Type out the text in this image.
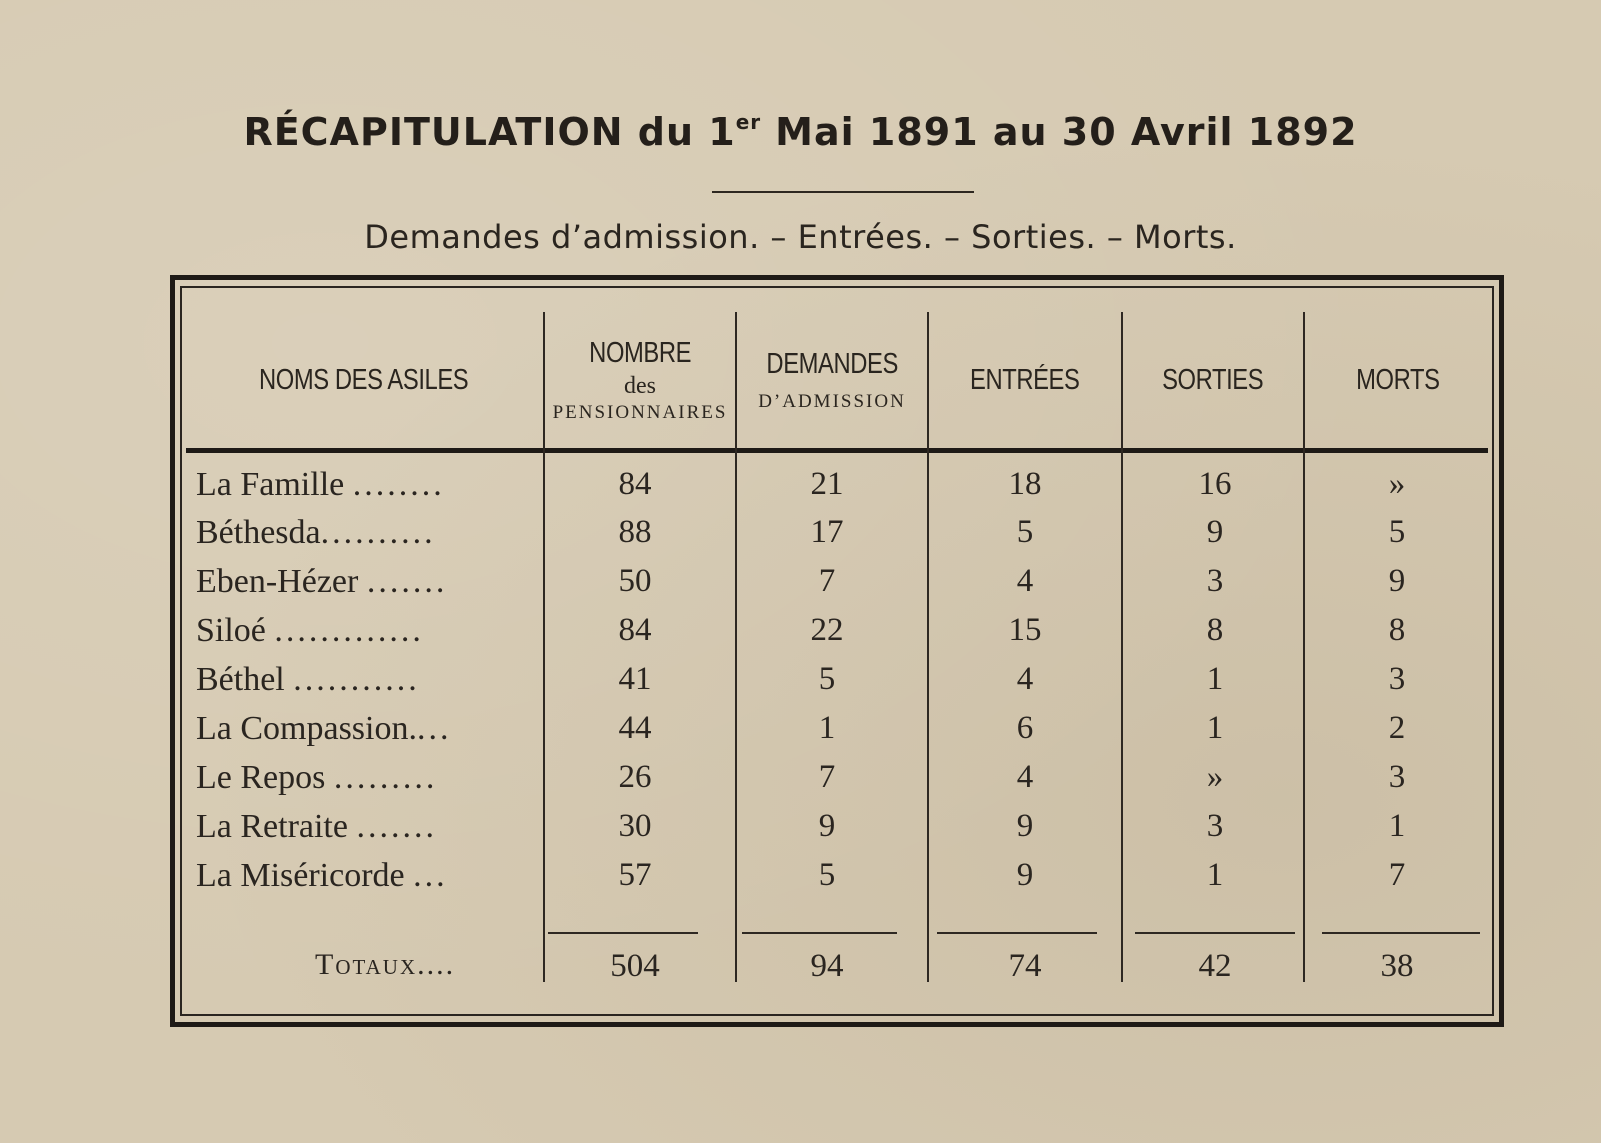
RÉCAPITULATION du 1er Mai 1891 au 30 Avril 1892
Demandes d’admission. – Entrées. – Sorties. – Morts.
NOMS DES ASILES
NOMBRE
des
PENSIONNAIRES
DEMANDES
D’ADMISSION
ENTRÉES	SORTIES	MORTS
La Famille ........	84	21	18	16	»
Béthesda..........	88	17	5	9	5
Eben-Hézer .......	50	7	4	3	9
Siloé .............	84	22	15	8	8
Béthel ...........	41	5	4	1	3
La Compassion....	44	1	6	1	2
Le Repos .........	26	7	4	»	3
La Retraite .......	30	9	9	3	1
La Miséricorde ...	57	5	9	1	7
Totaux....	504	94	74	42	38
